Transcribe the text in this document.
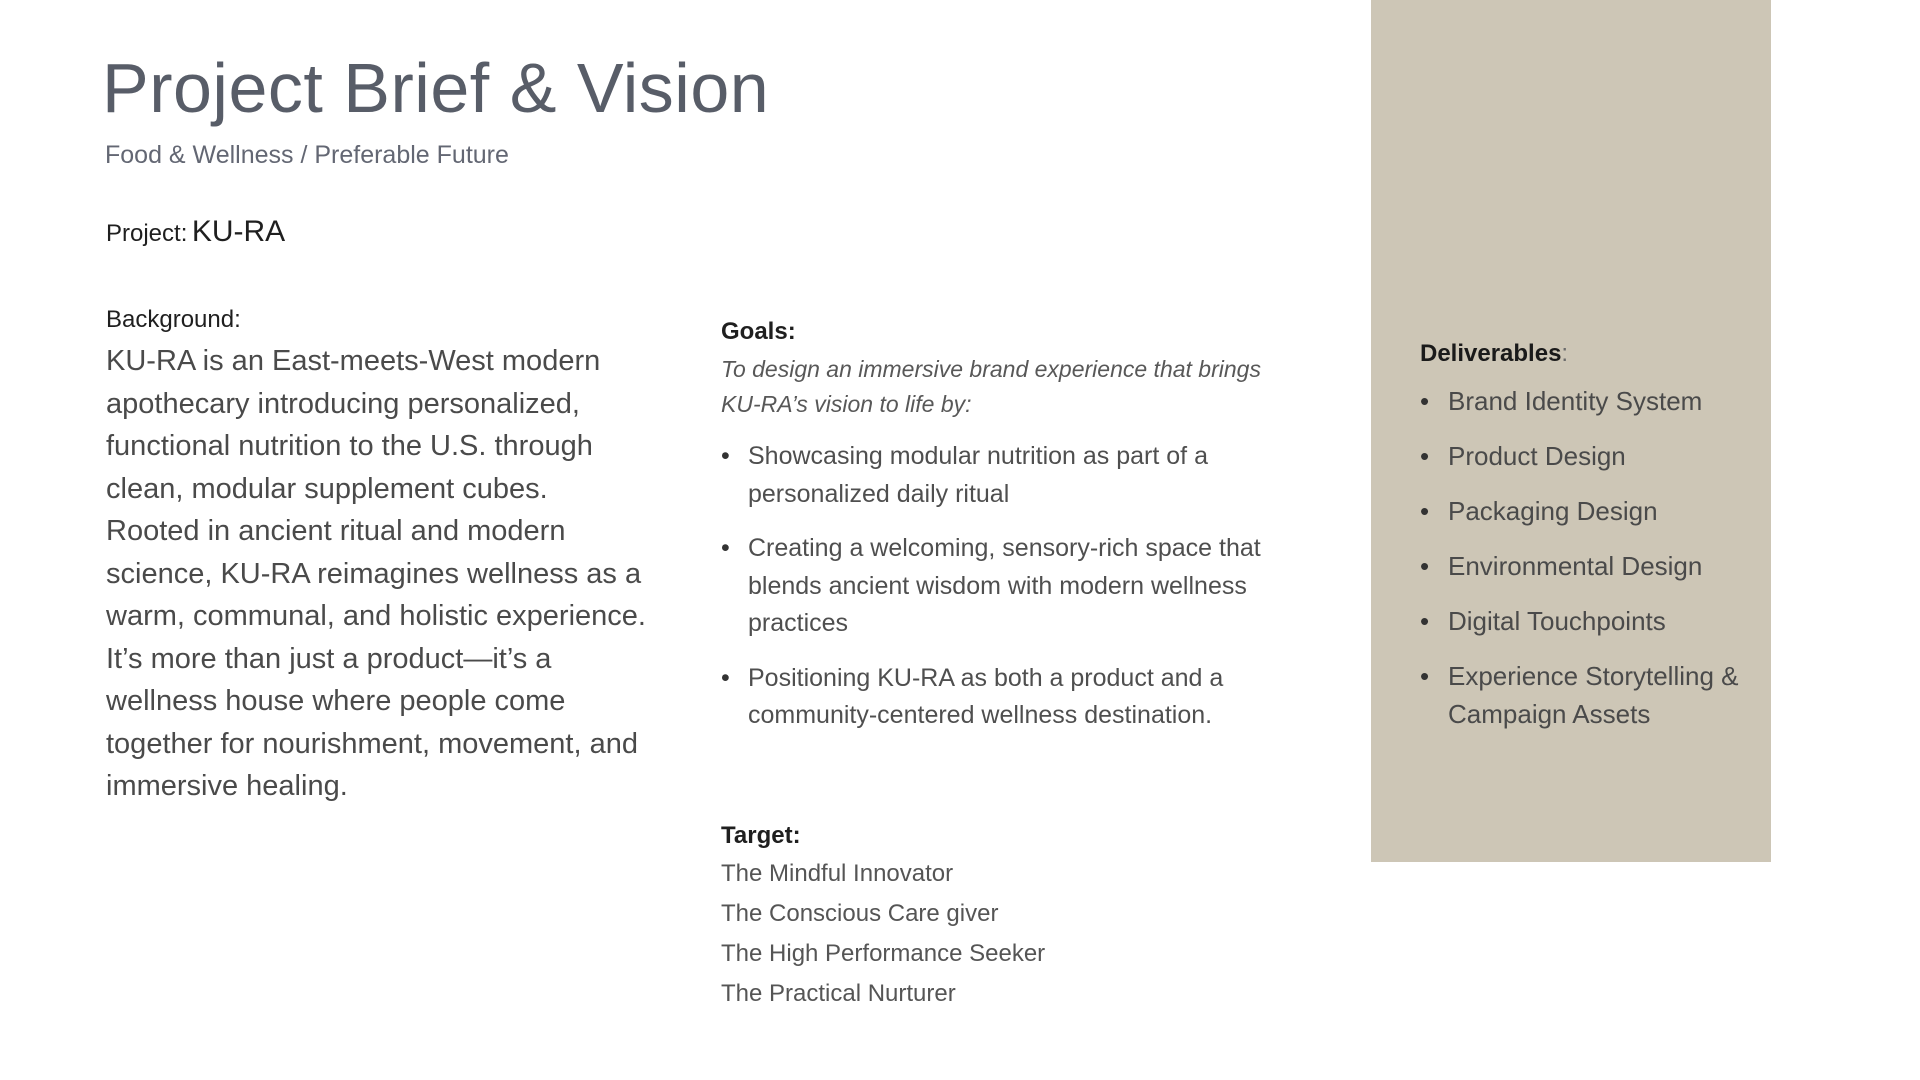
Project Brief & Vision
Food & Wellness / Preferable Future
Project: KU-RA
Background:
KU-RA is an East-meets-West modern apothecary introducing personalized, functional nutrition to the U.S. through clean, modular supplement cubes. Rooted in ancient ritual and modern science, KU-RA reimagines wellness as a warm, communal, and holistic experience. It’s more than just a product—it’s a wellness house where people come together for nourishment, movement, and immersive healing.
Goals:
To design an immersive brand experience that brings KU-RA’s vision to life by:
• Showcasing modular nutrition as part of a personalized daily ritual
• Creating a welcoming, sensory-rich space that blends ancient wisdom with modern wellness practices
• Positioning KU-RA as both a product and a community-centered wellness destination.
Target:
The Mindful Innovator
The Conscious Care giver
The High Performance Seeker
The Practical Nurturer
Deliverables:
• Brand Identity System
• Product Design
• Packaging Design
• Environmental Design
• Digital Touchpoints
• Experience Storytelling & Campaign Assets
